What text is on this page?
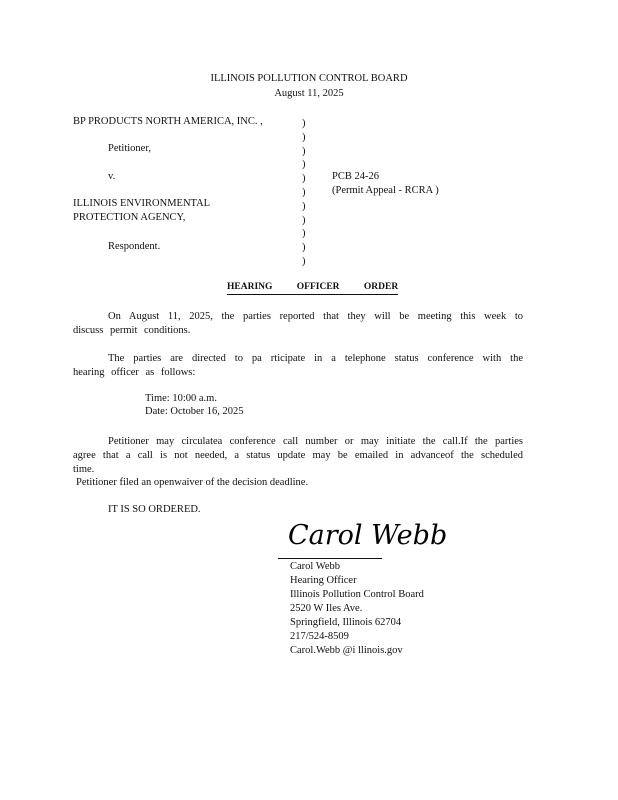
ILLINOIS POLLUTION CONTROL BOARD
August 11, 2025
BP PRODUCTS NORTH AMERICA, INC. ,
Petitioner,
v.
ILLINOIS ENVIRONMENTAL
PROTECTION AGENCY,
Respondent.
)
)
)
)
)
)
)
)
)
)
)
PCB 24-26
(Permit Appeal - RCRA )
HEARING OFFICER ORDER
On August 11, 2025, the parties reported that they will be meeting this week to discuss permit conditions.
The parties are directed to pa rticipate in a telephone status conference with the hearing officer as follows:
Time: 10:00 a.m.
Date: October 16, 2025
Petitioner may circulatea conference call number or may initiate the call.If the parties agree that a call is not needed, a status update may be emailed in advanceof the scheduled time.
Petitioner filed an openwaiver of the decision deadline.
IT IS SO ORDERED.
Carol Webb
Carol Webb
Hearing Officer
Illinois Pollution Control Board
2520 W Iles Ave.
Springfield, Illinois 62704
217/524-8509
Carol.Webb @i llinois.gov
